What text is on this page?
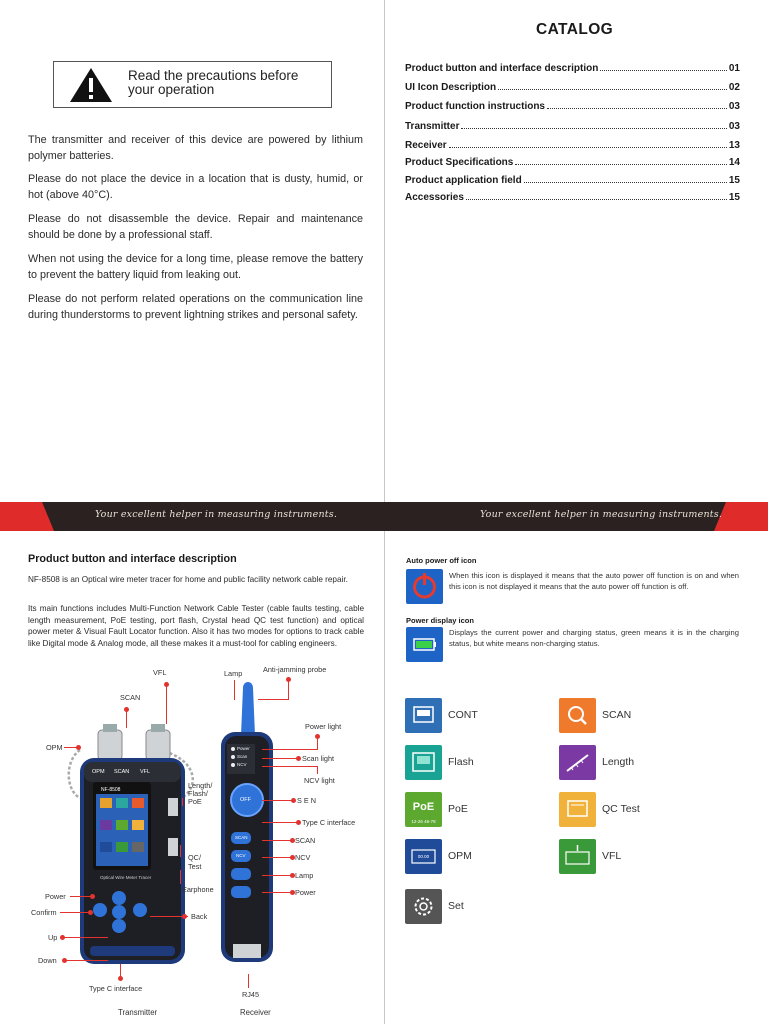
Read the precautions before
your operation
The transmitter and receiver of this device are powered by lithium polymer batteries.
Please do not place the device in a location that is dusty, humid, or hot (above 40°C).
Please do not disassemble the device. Repair and maintenance should be done by a professional staff.
When not using the device for a long time, please remove the battery to prevent the battery liquid from leaking out.
Please do not perform related operations on the communication line during thunderstorms to prevent lightning strikes and personal safety.
CATALOG
Product button and interface description	01
UI Icon Description	02
Product function instructions	03
Transmitter	03
Receiver	13
Product Specifications	14
Product application field	15
Accessories	15
Your excellent helper in measuring instruments.	Your excellent helper in measuring instruments.
Product button and interface description
NF-8508 is an Optical wire meter tracer for home and public facility network cable repair.
Its main functions includes Multi-Function Network Cable Tester (cable faults testing, cable length measurement, PoE testing, port flash, Crystal head QC test function) and optical power meter & Visual Fault Locator function. Also it has two modes for options to track cable like Digital mode & Analog mode, all these makes it a must-tool for cabling engineers.
NF-8508
OPM SCAN VFL
Optical Wire Meter Tracer
Power
Scan
NCV
OFF
SCAN
NCV
VFL
SCAN
OPM
Length/
Flash/
PoE
QC/
Test
Earphone
Power
Confirm	Back
Up
Down
Type C interface
Transmitter
Lamp	Anti-jamming probe
Power light
Scan light
NCV light
S E N
Type C interface
SCAN
NCV
Lamp
Power
RJ45
Receiver
Auto power off icon
When this icon is displayed it means that the auto power off function is on and when this icon is not displayed it means that the auto power off function is off.
Power display icon
Displays the current power and charging status, green means it is in the charging status, but white means non-charging status.
CONT	SCAN
Flash	Length
PoE
12-26 46-78
PoE	QC Test
00.00	OPM	VFL
Set
